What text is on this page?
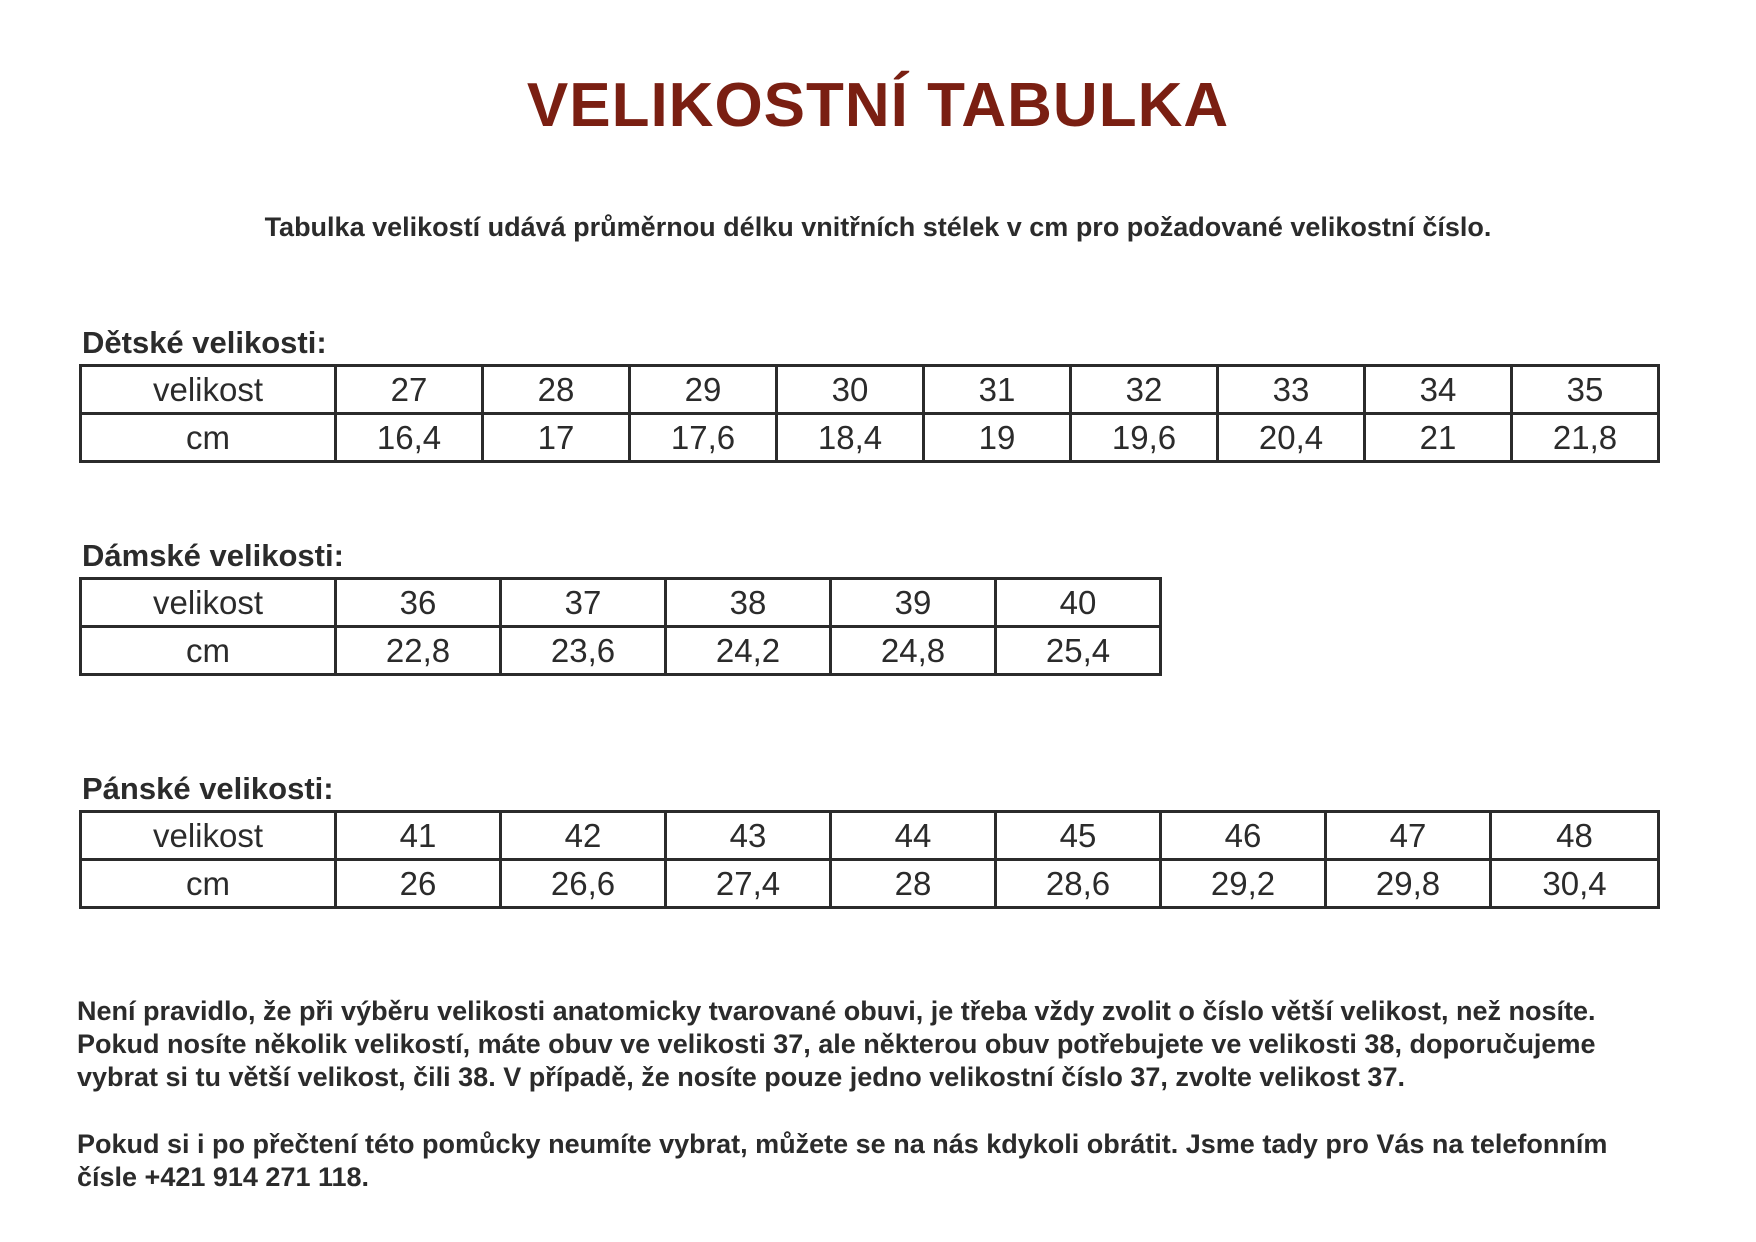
VELIKOSTNÍ TABULKA
Tabulka velikostí udává průměrnou délku vnitřních stélek v cm pro požadované velikostní číslo.
Dětské velikosti:
velikost	27	28	29	30	31	32	33	34	35
cm	16,4	17	17,6	18,4	19	19,6	20,4	21	21,8
Dámské velikosti:
velikost	36	37	38	39	40
cm	22,8	23,6	24,2	24,8	25,4
Pánské velikosti:
velikost	41	42	43	44	45	46	47	48
cm	26	26,6	27,4	28	28,6	29,2	29,8	30,4
Není pravidlo, že při výběru velikosti anatomicky tvarované obuvi, je třeba vždy zvolit o číslo větší velikost, než nosíte.
Pokud nosíte několik velikostí, máte obuv ve velikosti 37, ale některou obuv potřebujete ve velikosti 38, doporučujeme
vybrat si tu větší velikost, čili 38. V případě, že nosíte pouze jedno velikostní číslo 37, zvolte velikost 37.
Pokud si i po přečtení této pomůcky neumíte vybrat, můžete se na nás kdykoli obrátit. Jsme tady pro Vás na telefonním
čísle +421 914 271 118.
